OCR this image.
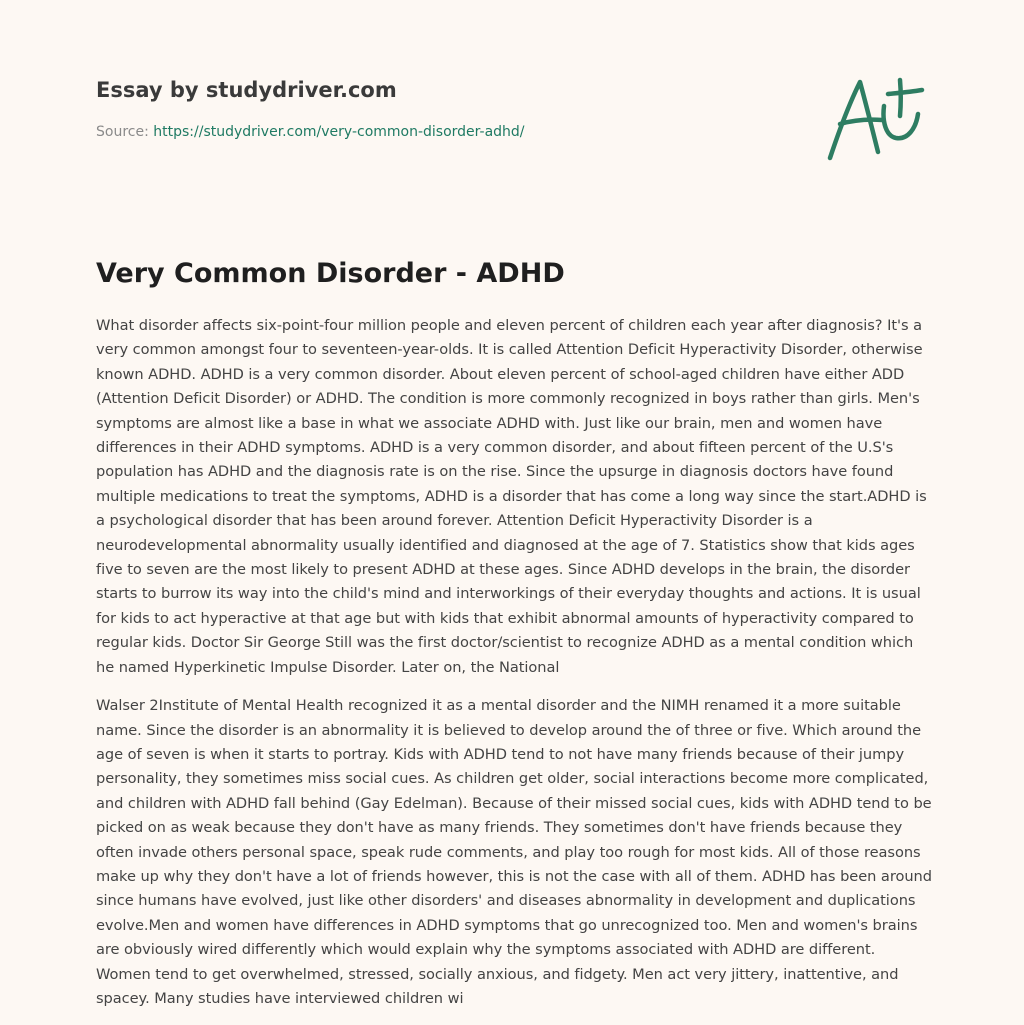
Essay by studydriver.com
Source: https://studydriver.com/very-common-disorder-adhd/
Very Common Disorder - ADHD

What disorder affects six-point-four million people and eleven percent of children each year after diagnosis? It's a very common amongst four to seventeen-year-olds. It is called Attention Deficit Hyperactivity Disorder, otherwise known ADHD. ADHD is a very common disorder. About eleven percent of school-aged children have either ADD (Attention Deficit Disorder) or ADHD. The condition is more commonly recognized in boys rather than girls. Men's symptoms are almost like a base in what we associate ADHD with. Just like our brain, men and women have differences in their ADHD symptoms. ADHD is a very common disorder, and about fifteen percent of the U.S's population has ADHD and the diagnosis rate is on the rise. Since the upsurge in diagnosis doctors have found multiple medications to treat the symptoms, ADHD is a disorder that has come a long way since the start.ADHD is a psychological disorder that has been around forever. Attention Deficit Hyperactivity Disorder is a neurodevelopmental abnormality usually identified and diagnosed at the age of 7. Statistics show that kids ages five to seven are the most likely to present ADHD at these ages. Since ADHD develops in the brain, the disorder starts to burrow its way into the child's mind and interworkings of their everyday thoughts and actions. It is usual for kids to act hyperactive at that age but with kids that exhibit abnormal amounts of hyperactivity compared to regular kids. Doctor Sir George Still was the first doctor/scientist to recognize ADHD as a mental condition which he named Hyperkinetic Impulse Disorder. Later on, the National

Walser 2Institute of Mental Health recognized it as a mental disorder and the NIMH renamed it a more suitable name. Since the disorder is an abnormality it is believed to develop around the of three or five. Which around the age of seven is when it starts to portray. Kids with ADHD tend to not have many friends because of their jumpy personality, they sometimes miss social cues. As children get older, social interactions become more complicated, and children with ADHD fall behind (Gay Edelman). Because of their missed social cues, kids with ADHD tend to be picked on as weak because they don't have as many friends. They sometimes don't have friends because they often invade others personal space, speak rude comments, and play too rough for most kids. All of those reasons make up why they don't have a lot of friends however, this is not the case with all of them. ADHD has been around since humans have evolved, just like other disorders' and diseases abnormality in development and duplications evolve.Men and women have differences in ADHD symptoms that go unrecognized too. Men and women's brains are obviously wired differently which would explain why the symptoms associated with ADHD are different. Women tend to get overwhelmed, stressed, socially anxious, and fidgety. Men act very jittery, inattentive, and spacey. Many studies have interviewed children wi
